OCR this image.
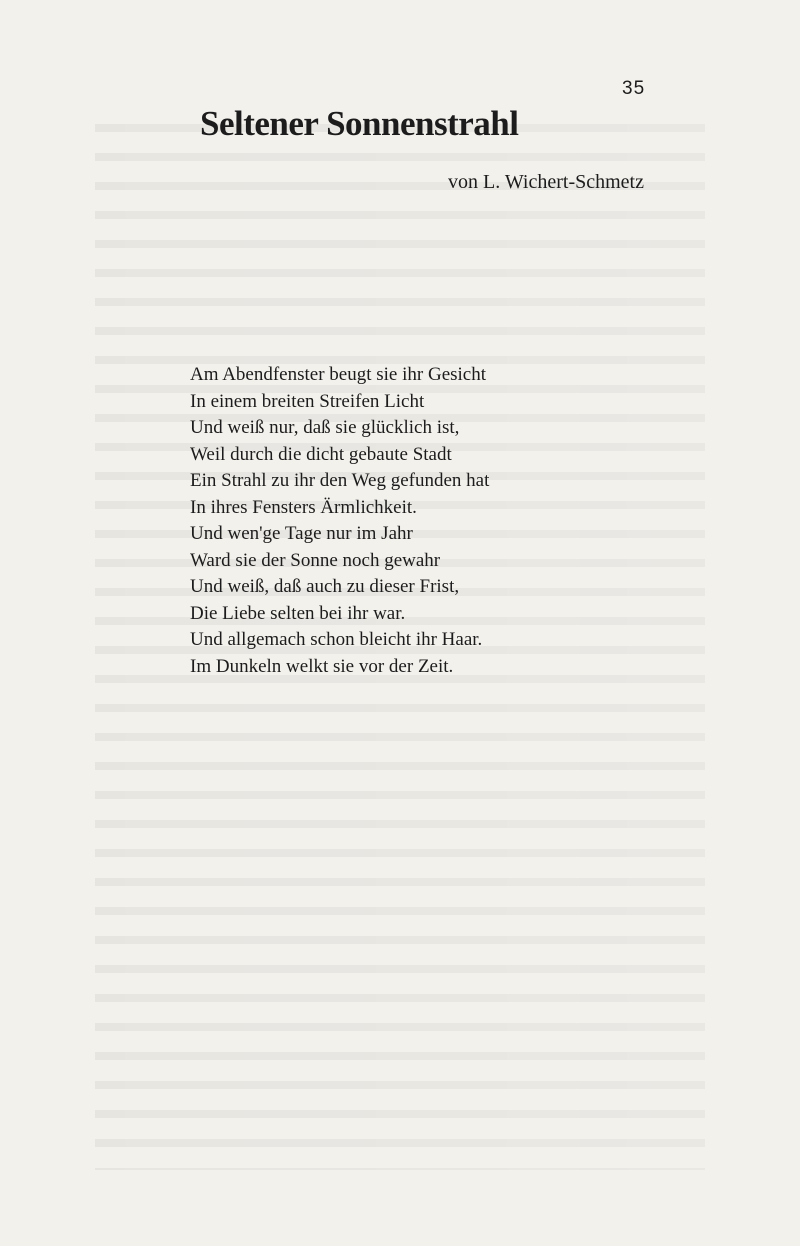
35
Seltener Sonnenstrahl
von L. Wichert-Schmetz
Am Abendfenster beugt sie ihr Gesicht
In einem breiten Streifen Licht
Und weiß nur, daß sie glücklich ist,
Weil durch die dicht gebaute Stadt
Ein Strahl zu ihr den Weg gefunden hat
In ihres Fensters Ärmlichkeit.
Und wen'ge Tage nur im Jahr
Ward sie der Sonne noch gewahr
Und weiß, daß auch zu dieser Frist,
Die Liebe selten bei ihr war.
Und allgemach schon bleicht ihr Haar.
Im Dunkeln welkt sie vor der Zeit.
